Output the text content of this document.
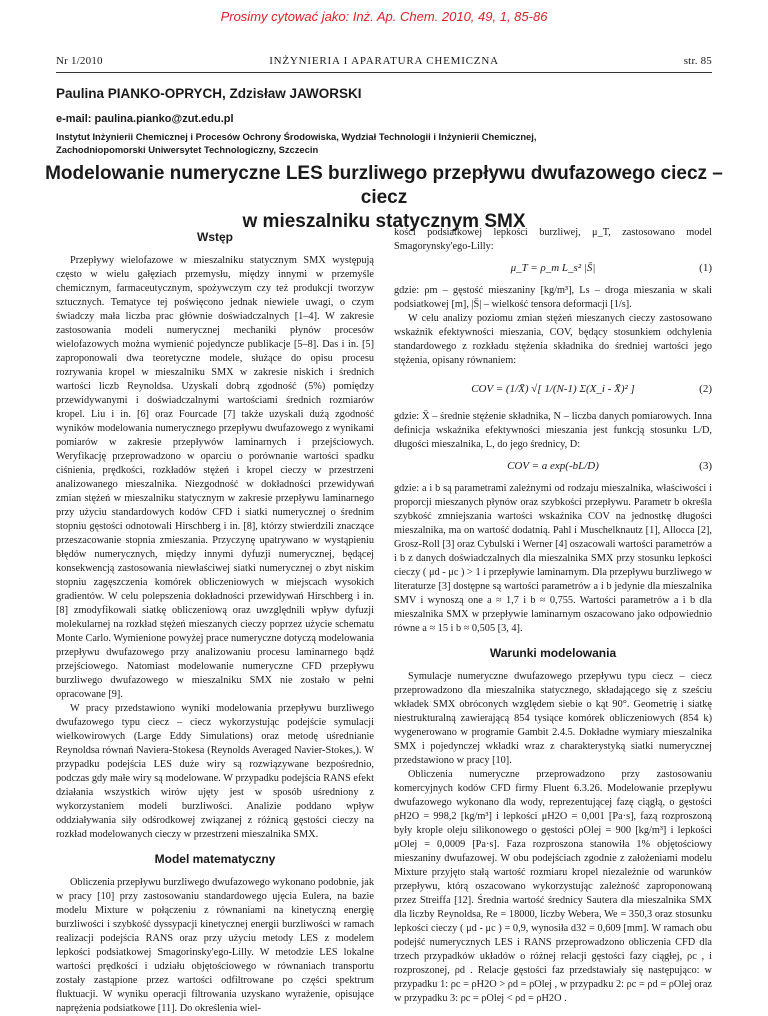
Prosimy cytować jako: Inż. Ap. Chem. 2010, 49, 1, 85-86
Nr 1/2010	INŻYNIERIA I APARATURA CHEMICZNA	str. 85
Paulina PIANKO-OPRYCH, Zdzisław JAWORSKI
e-mail: paulina.pianko@zut.edu.pl
Instytut Inżynierii Chemicznej i Procesów Ochrony Środowiska, Wydział Technologii i Inżynierii Chemicznej,
Zachodniopomorski Uniwersytet Technologiczny, Szczecin
Modelowanie numeryczne LES burzliwego przepływu dwufazowego ciecz – ciecz
w mieszalniku statycznym SMX
Wstęp

Przepływy wielofazowe w mieszalniku statycznym SMX występują często w wielu gałęziach przemysłu, między innymi w przemyśle chemicznym, farmaceutycznym, spożywczym czy też produkcji tworzyw sztucznych. Tematyce tej poświęcono jednak niewiele uwagi, o czym świadczy mała liczba prac głównie doświadczalnych [1–4]. W zakresie zastosowania modeli numerycznej mechaniki płynów procesów wielofazowych można wymienić pojedyncze publikacje [5–8]. Das i in. [5] zaproponowali dwa teoretyczne modele, służące do opisu procesu rozrywania kropel w mieszalniku SMX w zakresie niskich i średnich wartości liczb Reynoldsa. Uzyskali dobrą zgodność (5%) pomiędzy przewidywanymi i doświadczalnymi wartościami średnich rozmiarów kropel. Liu i in. [6] oraz Fourcade [7] także uzyskali dużą zgodność wyników modelowania numerycznego przepływu dwufazowego z wynikami pomiarów w zakresie przepływów laminarnych i przejściowych. Weryfikację przeprowadzono w oparciu o porównanie wartości spadku ciśnienia, prędkości, rozkładów stężeń i kropel cieczy w przestrzeni analizowanego mieszalnika. Niezgodność w dokładności przewidywań zmian stężeń w mieszalniku statycznym w zakresie przepływu laminarnego przy użyciu standardowych kodów CFD i siatki numerycznej o średnim stopniu gęstości odnotowali Hirschberg i in. [8], którzy stwierdzili znaczące przeszacowanie stopnia zmieszania. Przyczynę upatrywano w wystąpieniu błędów numerycznych, między innymi dyfuzji numerycznej, będącej konsekwencją zastosowania niewłaściwej siatki numerycznej o zbyt niskim stopniu zagęszczenia komórek obliczeniowych w miejscach wysokich gradientów. W celu polepszenia dokładności przewidywań Hirschberg i in. [8] zmodyfikowali siatkę obliczeniową oraz uwzględnili wpływ dyfuzji molekularnej na rozkład stężeń mieszanych cieczy poprzez użycie schematu Monte Carlo. Wymienione powyżej prace numeryczne dotyczą modelowania przepływu dwufazowego przy analizowaniu procesu laminarnego bądź przejściowego. Natomiast modelowanie numeryczne CFD przepływu burzliwego dwufazowego w mieszalniku SMX nie zostało w pełni opracowane [9].

W pracy przedstawiono wyniki modelowania przepływu burzliwego dwufazowego typu ciecz – ciecz wykorzystując podejście symulacji wielkowirowych (Large Eddy Simulations) oraz metodę uśrednianie Reynoldsa równań Naviera-Stokesa (Reynolds Averaged Navier-Stokes,). W przypadku podejścia LES duże wiry są rozwiązywane bezpośrednio, podczas gdy małe wiry są modelowane. W przypadku podejścia RANS efekt działania wszystkich wirów ujęty jest w sposób uśredniony z wykorzystaniem modeli burzliwości. Analizie poddano wpływ oddziaływania siły odśrodkowej związanej z różnicą gęstości cieczy na rozkład modelowanych cieczy w przestrzeni mieszalnika SMX.

Model matematyczny

Obliczenia przepływu burzliwego dwufazowego wykonano podobnie, jak w pracy [10] przy zastosowaniu standardowego ujęcia Eulera, na bazie modelu Mixture w połączeniu z równaniami na kinetyczną energię burzliwości i szybkość dyssypacji kinetycznej energii burzliwości w ramach realizacji podejścia RANS oraz przy użyciu metody LES z modelem lepkości podsiatkowej Smagorinsky'ego-Lilly. W metodzie LES lokalne wartości prędkości i udziału objętościowego w równaniach transportu zostały zastąpione przez wartości odfiltrowane po części spektrum fluktuacji. W wyniku operacji filtrowania uzyskano wyrażenie, opisujące naprężenia podsiatkowe [11]. Do określenia wiel-

kości podsiatkowej lepkości burzliwej, μ_T, zastosowano model Smagorynsky'ego-Lilly:

μ_T = ρ_m L_s² |S̄|	(1)

gdzie: ρm – gęstość mieszaniny [kg/m³], Ls – droga mieszania w skali podsiatkowej [m], |S̄| – wielkość tensora deformacji [1/s].

W celu analizy poziomu zmian stężeń mieszanych cieczy zastosowano wskaźnik efektywności mieszania, COV, będący stosunkiem odchylenia standardowego z rozkładu stężenia składnika do średniej wartości jego stężenia, opisany równaniem:

COV = (1/X̄) √[ 1/(N-1) Σ(X_i - X̄)² ]	(2)

gdzie: X̄ – średnie stężenie składnika, N – liczba danych pomiarowych. Inna definicja wskaźnika efektywności mieszania jest funkcją stosunku L/D, długości mieszalnika, L, do jego średnicy, D:

COV = a exp(-bL/D)	(3)

gdzie: a i b są parametrami zależnymi od rodzaju mieszalnika, właściwości i proporcji mieszanych płynów oraz szybkości przepływu. Parametr b określa szybkość zmniejszania wartości wskaźnika COV na jednostkę długości mieszalnika, ma on wartość dodatnią. Pahl i Muschelknautz [1], Allocca [2], Grosz-Roll [3] oraz Cybulski i Werner [4] oszacowali wartości parametrów a i b z danych doświadczalnych dla mieszalnika SMX przy stosunku lepkości cieczy ( μd - μc ) > 1 i przepływie laminarnym. Dla przepływu burzliwego w literaturze [3] dostępne są wartości parametrów a i b jedynie dla mieszalnika SMV i wynoszą one a ≈ 1,7 i b ≈ 0,755. Wartości parametrów a i b dla mieszalnika SMX w przepływie laminarnym oszacowano jako odpowiednio równe a ≈ 15 i b ≈ 0,505 [3, 4].

Warunki modelowania

Symulacje numeryczne dwufazowego przepływu typu ciecz – ciecz przeprowadzono dla mieszalnika statycznego, składającego się z sześciu wkładek SMX obróconych względem siebie o kąt 90°. Geometrię i siatkę niestrukturalną zawierającą 854 tysiące komórek obliczeniowych (854 k) wygenerowano w programie Gambit 2.4.5. Dokładne wymiary mieszalnika SMX i pojedynczej wkładki wraz z charakterystyką siatki numerycznej przedstawiono w pracy [10].

Obliczenia numeryczne przeprowadzono przy zastosowaniu komercyjnych kodów CFD firmy Fluent 6.3.26. Modelowanie przepływu dwufazowego wykonano dla wody, reprezentującej fazę ciągłą, o gęstości ρH2O = 998,2 [kg/m³] i lepkości μH2O = 0,001 [Pa·s], fazą rozproszoną były krople oleju silikonowego o gęstości ρOlej = 900 [kg/m³] i lepkości μOlej = 0,0009 [Pa·s]. Faza rozproszona stanowiła 1% objętościowy mieszaniny dwufazowej. W obu podejściach zgodnie z założeniami modelu Mixture przyjęto stałą wartość rozmiaru kropel niezależnie od warunków przepływu, którą oszacowano wykorzystując zależność zaproponowaną przez Streiffa [12]. Średnia wartość średnicy Sautera dla mieszalnika SMX dla liczby Reynoldsa, Re = 18000, liczby Webera, We = 350,3 oraz stosunku lepkości cieczy ( μd - μc ) = 0,9, wynosiła d32 = 0,609 [mm]. W ramach obu podejść numerycznych LES i RANS przeprowadzono obliczenia CFD dla trzech przypadków układów o różnej relacji gęstości fazy ciągłej, ρc , i rozproszonej, ρd . Relacje gęstości faz przedstawiały się następująco: w przypadku 1: ρc = ρH2O > ρd = ρOlej , w przypadku 2: ρc = ρd = ρOlej oraz w przypadku 3: ρc = ρOlej < ρd = ρH2O .
